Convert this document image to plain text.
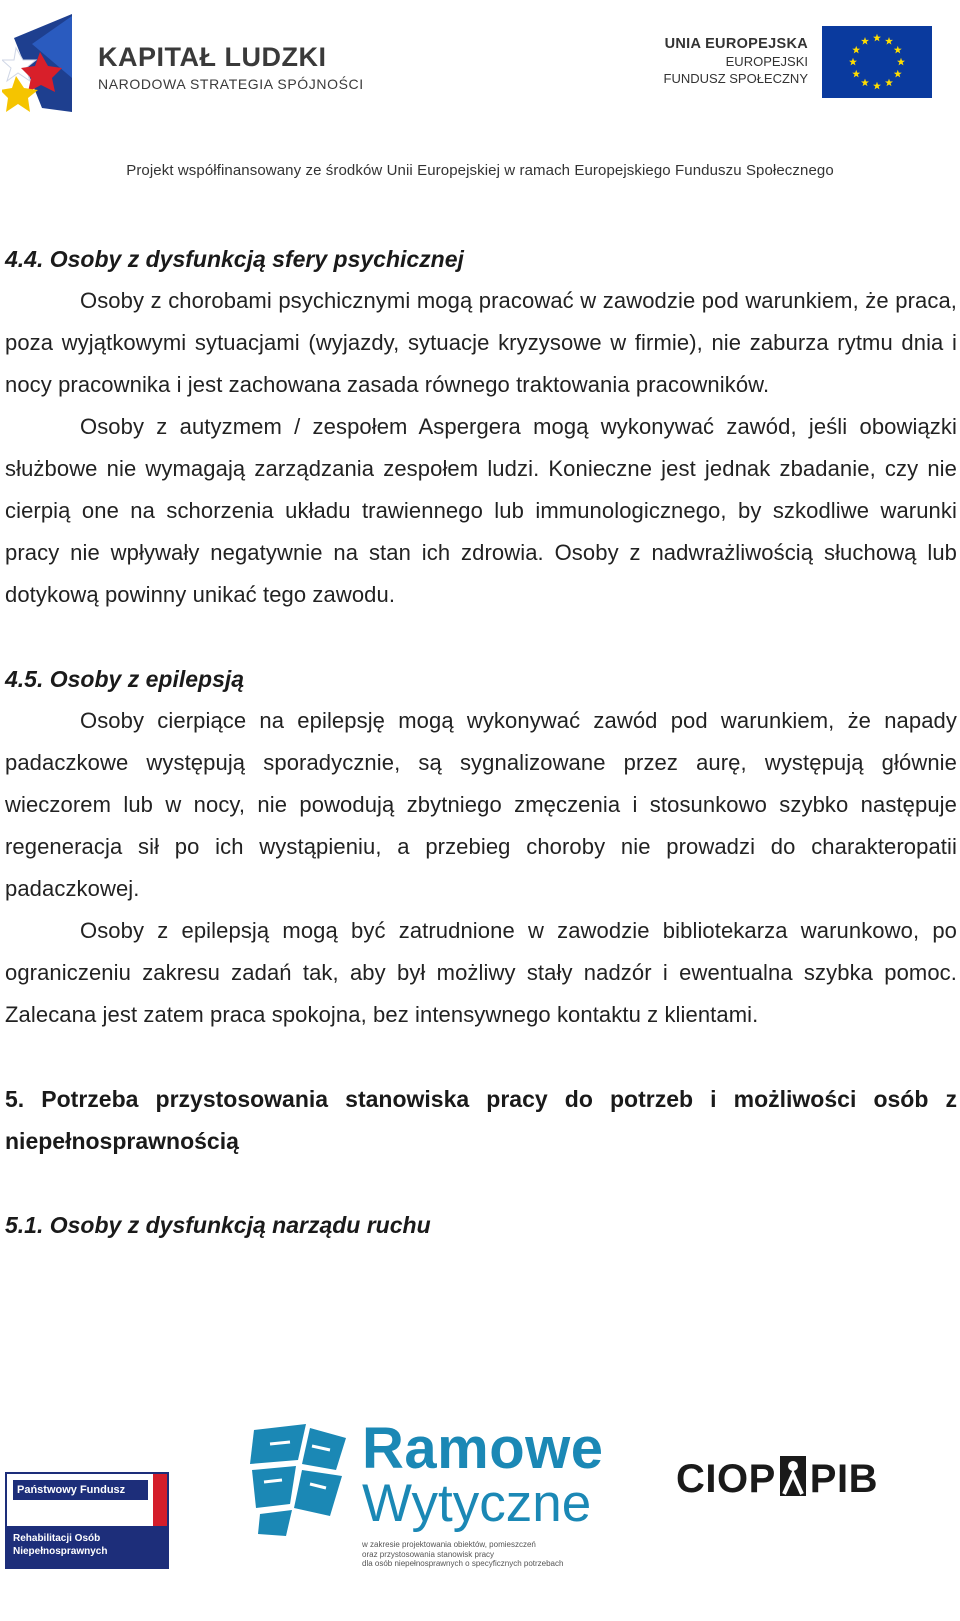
KAPITAŁ LUDZKI
NARODOWA STRATEGIA SPÓJNOŚCI
UNIA EUROPEJSKA
EUROPEJSKI
FUNDUSZ SPOŁECZNY
Projekt współfinansowany ze środków Unii Europejskiej w ramach Europejskiego Funduszu Społecznego

4.4. Osoby z dysfunkcją sfery psychicznej

Osoby z chorobami psychicznymi mogą pracować w zawodzie pod warunkiem, że praca, poza wyjątkowymi sytuacjami (wyjazdy, sytuacje kryzysowe w firmie), nie zaburza rytmu dnia i nocy pracownika i jest zachowana zasada równego traktowania pracowników.

Osoby z autyzmem / zespołem Aspergera mogą wykonywać zawód, jeśli obowiązki służbowe nie wymagają zarządzania zespołem ludzi. Konieczne jest jednak zbadanie, czy nie cierpią one na schorzenia układu trawiennego lub immunologicznego, by szkodliwe warunki pracy nie wpływały negatywnie na stan ich zdrowia. Osoby z nadwrażliwością słuchową lub dotykową powinny unikać tego zawodu.

4.5. Osoby z epilepsją

Osoby cierpiące na epilepsję mogą wykonywać zawód pod warunkiem, że napady padaczkowe występują sporadycznie, są sygnalizowane przez aurę, występują głównie wieczorem lub w nocy, nie powodują zbytniego zmęczenia i stosunkowo szybko następuje regeneracja sił po ich wystąpieniu, a przebieg choroby nie prowadzi do charakteropatii padaczkowej.

Osoby z epilepsją mogą być zatrudnione w zawodzie bibliotekarza warunkowo, po ograniczeniu zakresu zadań tak, aby był możliwy stały nadzór i ewentualna szybka pomoc. Zalecana jest zatem praca spokojna, bez intensywnego kontaktu z klientami.

5. Potrzeba przystosowania stanowiska pracy do potrzeb i możliwości osób z niepełnosprawnością

5.1. Osoby z dysfunkcją narządu ruchu

Państwowy Fundusz
Rehabilitacji Osób
Niepełnosprawnych
Ramowe
Wytyczne
w zakresie projektowania obiektów, pomieszczeń
oraz przystosowania stanowisk pracy
dla osób niepełnosprawnych o specyficznych potrzebach
CIOP PIB
